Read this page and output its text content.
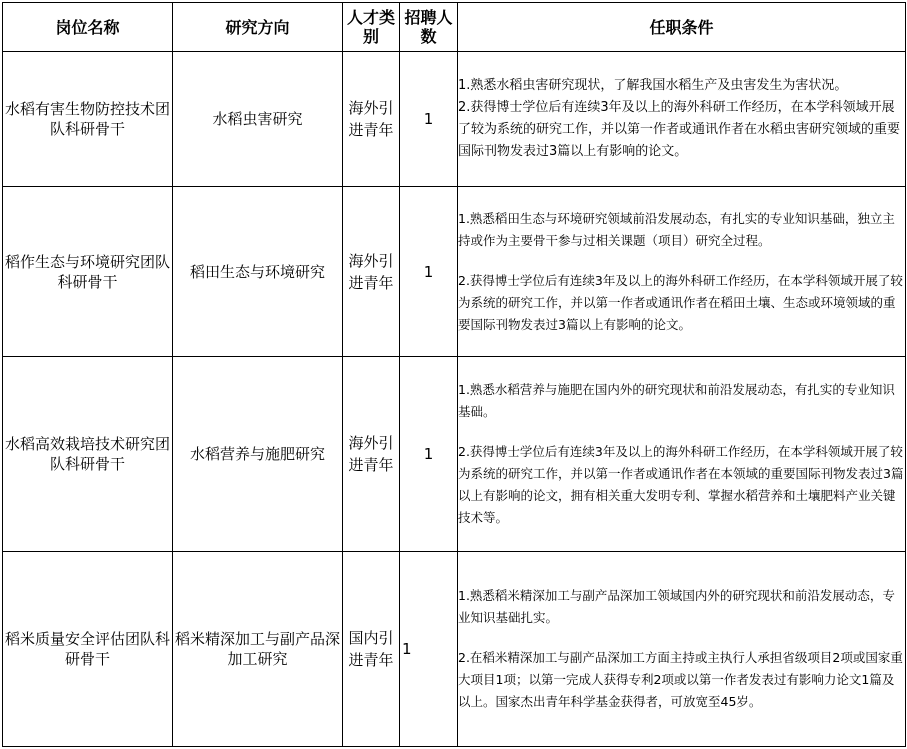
岗位名称	研究方向	人才类别	招聘人数	任职条件
水稻有害生物防控技术团队科研骨干	水稻虫害研究	海外引进青年	1	1.熟悉水稻虫害研究现状，了解我国水稻生产及虫害发生为害状况。

2.获得博士学位后有连续3年及以上的海外科研工作经历，在本学科领域开展了较为系统的研究工作，并以第一作者或通讯作者在水稻虫害研究领域的重要国际刊物发表过3篇以上有影响的论文。

稻作生态与环境研究团队科研骨干	稻田生态与环境研究	海外引进青年	1	1.熟悉稻田生态与环境研究领域前沿发展动态，有扎实的专业知识基础，独立主持或作为主要骨干参与过相关课题（项目）研究全过程。

2.获得博士学位后有连续3年及以上的海外科研工作经历，在本学科领域开展了较为系统的研究工作，并以第一作者或通讯作者在稻田土壤、生态或环境领域的重要国际刊物发表过3篇以上有影响的论文。

水稻高效栽培技术研究团队科研骨干	水稻营养与施肥研究	海外引进青年	1	1.熟悉水稻营养与施肥在国内外的研究现状和前沿发展动态，有扎实的专业知识基础。

2.获得博士学位后有连续3年及以上的海外科研工作经历，在本学科领域开展了较为系统的研究工作，并以第一作者或通讯作者在本领域的重要国际刊物发表过3篇以上有影响的论文，拥有相关重大发明专利、掌握水稻营养和土壤肥料产业关键技术等。

稻米质量安全评估团队科研骨干	稻米精深加工与副产品深加工研究	国内引进青年	1	1.熟悉稻米精深加工与副产品深加工领域国内外的研究现状和前沿发展动态，专业知识基础扎实。

2.在稻米精深加工与副产品深加工方面主持或主执行人承担省级项目2项或国家重大项目1项；以第一完成人获得专利2项或以第一作者发表过有影响力论文1篇及以上。国家杰出青年科学基金获得者，可放宽至45岁。
